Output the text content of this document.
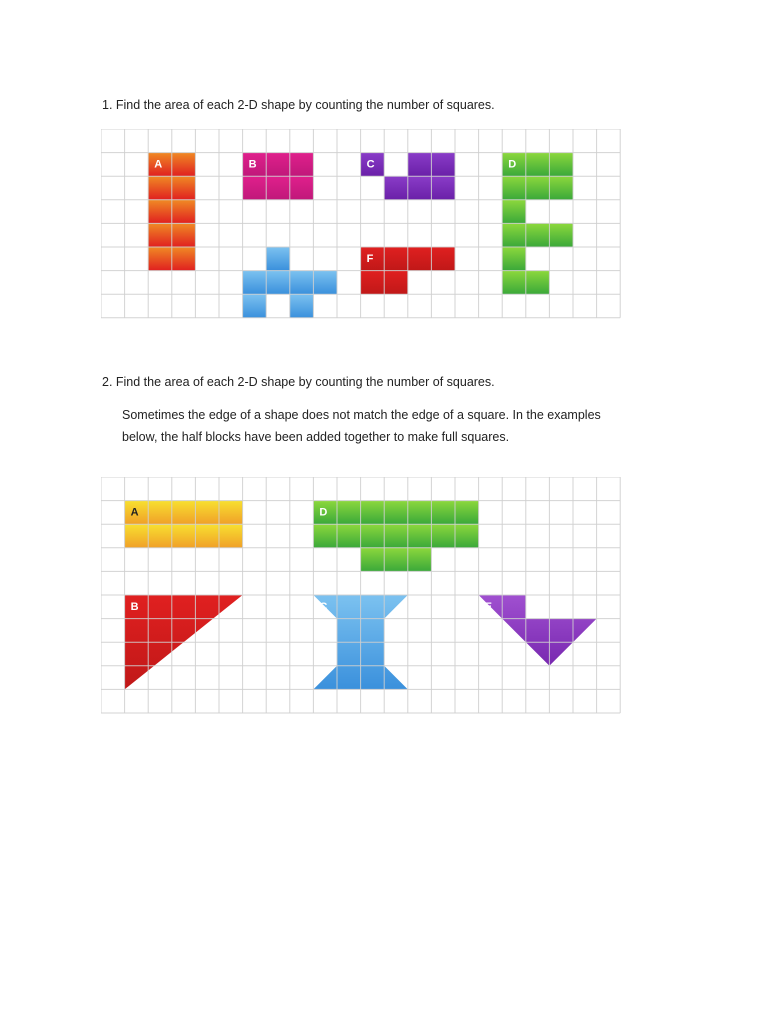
1. Find the area of each 2-D shape by counting the number of squares.

A	B	C	D
E	F

2. Find the area of each 2-D shape by counting the number of squares.

Sometimes the edge of a shape does not match the edge of a square. In the examples below, the half blocks have been added together to make full squares.

A	D
B	C	E
